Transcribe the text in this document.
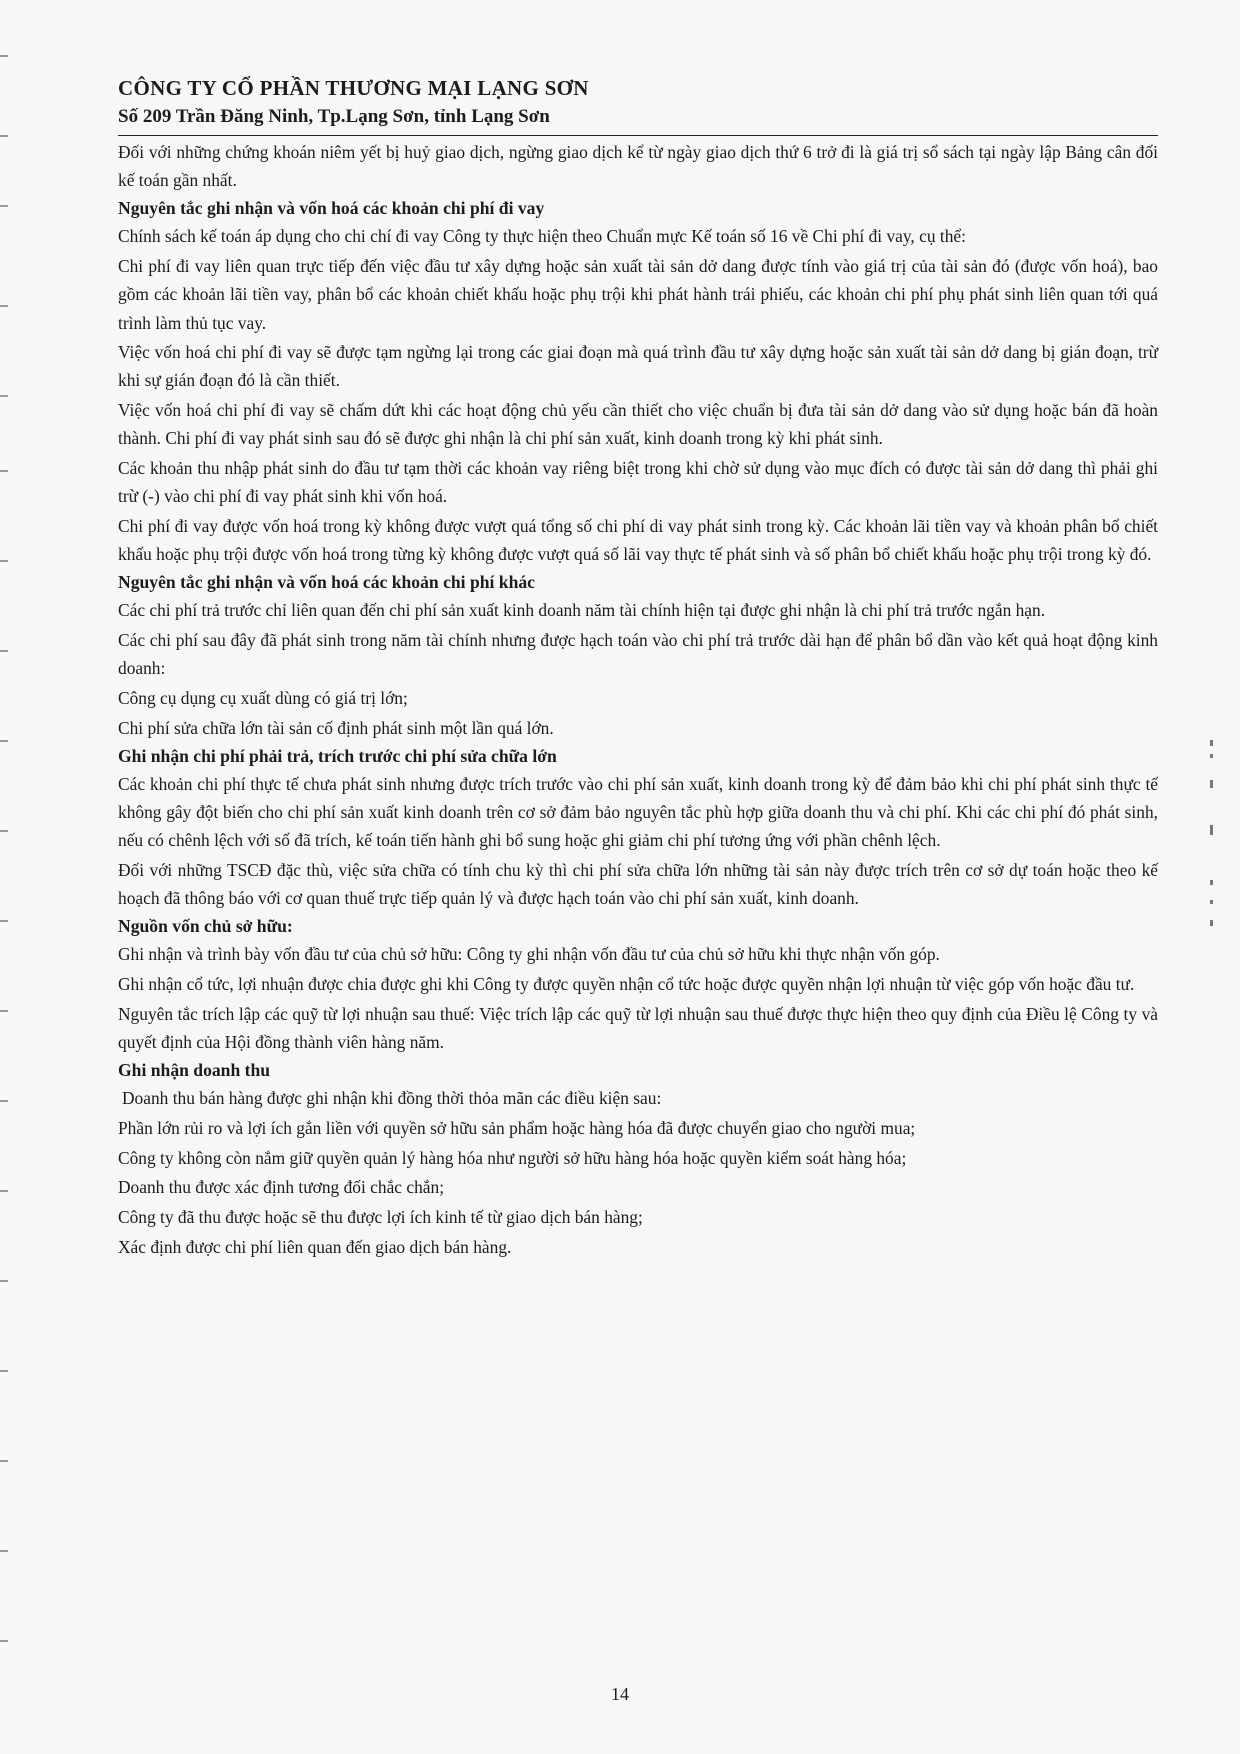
CÔNG TY CỔ PHẦN THƯƠNG MẠI LẠNG SƠN
Số 209 Trần Đăng Ninh, Tp.Lạng Sơn, tỉnh Lạng Sơn

Đối với những chứng khoán niêm yết bị huỷ giao dịch, ngừng giao dịch kể từ ngày giao dịch thứ 6 trở đi là giá trị sổ sách tại ngày lập Bảng cân đối kế toán gần nhất.

Nguyên tắc ghi nhận và vốn hoá các khoản chi phí đi vay

Chính sách kế toán áp dụng cho chi chí đi vay Công ty thực hiện theo Chuẩn mực Kế toán số 16 về Chi phí đi vay, cụ thể:

Chi phí đi vay liên quan trực tiếp đến việc đầu tư xây dựng hoặc sản xuất tài sản dở dang được tính vào giá trị của tài sản đó (được vốn hoá), bao gồm các khoản lãi tiền vay, phân bổ các khoản chiết khấu hoặc phụ trội khi phát hành trái phiếu, các khoản chi phí phụ phát sinh liên quan tới quá trình làm thủ tục vay.

Việc vốn hoá chi phí đi vay sẽ được tạm ngừng lại trong các giai đoạn mà quá trình đầu tư xây dựng hoặc sản xuất tài sản dở dang bị gián đoạn, trừ khi sự gián đoạn đó là cần thiết.

Việc vốn hoá chi phí đi vay sẽ chấm dứt khi các hoạt động chủ yếu cần thiết cho việc chuẩn bị đưa tài sản dở dang vào sử dụng hoặc bán đã hoàn thành. Chi phí đi vay phát sinh sau đó sẽ được ghi nhận là chi phí sản xuất, kinh doanh trong kỳ khi phát sinh.

Các khoản thu nhập phát sinh do đầu tư tạm thời các khoản vay riêng biệt trong khi chờ sử dụng vào mục đích có được tài sản dở dang thì phải ghi trừ (-) vào chi phí đi vay phát sinh khi vốn hoá.

Chi phí đi vay được vốn hoá trong kỳ không được vượt quá tổng số chi phí di vay phát sinh trong kỳ. Các khoản lãi tiền vay và khoản phân bổ chiết khấu hoặc phụ trội được vốn hoá trong từng kỳ không được vượt quá số lãi vay thực tế phát sinh và số phân bổ chiết khấu hoặc phụ trội trong kỳ đó.

Nguyên tắc ghi nhận và vốn hoá các khoản chi phí khác

Các chi phí trả trước chỉ liên quan đến chi phí sản xuất kinh doanh năm tài chính hiện tại được ghi nhận là chi phí trả trước ngắn hạn.

Các chi phí sau đây đã phát sinh trong năm tài chính nhưng được hạch toán vào chi phí trả trước dài hạn để phân bổ dần vào kết quả hoạt động kinh doanh:

Công cụ dụng cụ xuất dùng có giá trị lớn;

Chi phí sửa chữa lớn tài sản cố định phát sinh một lần quá lớn.

Ghi nhận chi phí phải trả, trích trước chi phí sửa chữa lớn

Các khoản chi phí thực tế chưa phát sinh nhưng được trích trước vào chi phí sản xuất, kinh doanh trong kỳ để đảm bảo khi chi phí phát sinh thực tế không gây đột biến cho chi phí sản xuất kinh doanh trên cơ sở đảm bảo nguyên tắc phù hợp giữa doanh thu và chi phí. Khi các chi phí đó phát sinh, nếu có chênh lệch với số đã trích, kế toán tiến hành ghi bổ sung hoặc ghi giảm chi phí tương ứng với phần chênh lệch.

Đối với những TSCĐ đặc thù, việc sửa chữa có tính chu kỳ thì chi phí sửa chữa lớn những tài sản này được trích trên cơ sở dự toán hoặc theo kế hoạch đã thông báo với cơ quan thuế trực tiếp quản lý và được hạch toán vào chi phí sản xuất, kinh doanh.

Nguồn vốn chủ sở hữu:

Ghi nhận và trình bày vốn đầu tư của chủ sở hữu: Công ty ghi nhận vốn đầu tư của chủ sở hữu khi thực nhận vốn góp.

Ghi nhận cổ tức, lợi nhuận được chia được ghi khi Công ty được quyền nhận cổ tức hoặc được quyền nhận lợi nhuận từ việc góp vốn hoặc đầu tư.

Nguyên tắc trích lập các quỹ từ lợi nhuận sau thuế: Việc trích lập các quỹ từ lợi nhuận sau thuế được thực hiện theo quy định của Điều lệ Công ty và quyết định của Hội đồng thành viên hàng năm.

Ghi nhận doanh thu

Doanh thu bán hàng được ghi nhận khi đồng thời thỏa mãn các điều kiện sau:

Phần lớn rủi ro và lợi ích gắn liền với quyền sở hữu sản phẩm hoặc hàng hóa đã được chuyển giao cho người mua;

Công ty không còn nắm giữ quyền quản lý hàng hóa như người sở hữu hàng hóa hoặc quyền kiểm soát hàng hóa;

Doanh thu được xác định tương đối chắc chắn;

Công ty đã thu được hoặc sẽ thu được lợi ích kinh tế từ giao dịch bán hàng;

Xác định được chi phí liên quan đến giao dịch bán hàng.

14
